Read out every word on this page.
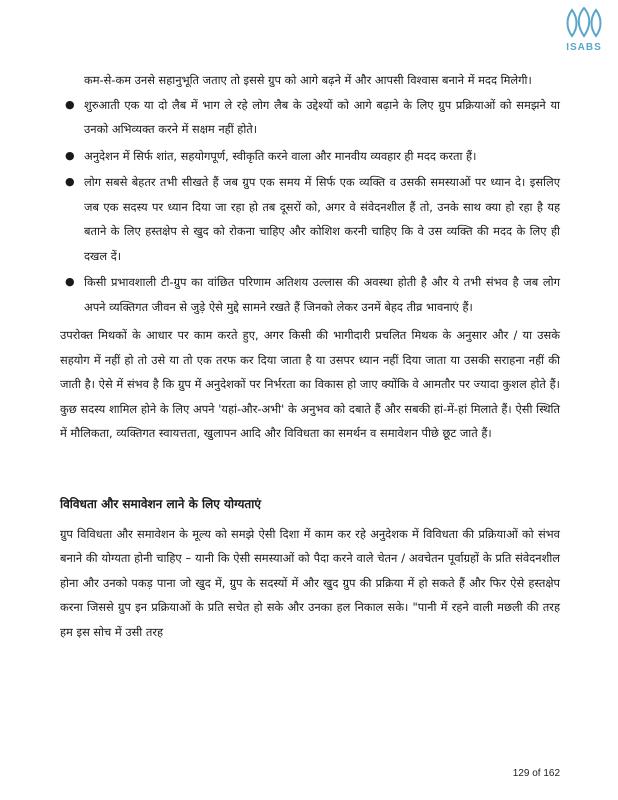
ISABS

कम-से-कम उनसे सहानुभूति जताए तो इससे ग्रुप को आगे बढ़ने में और आपसी विश्वास बनाने में मदद मिलेगी।

● शुरुआती एक या दो लैब में भाग ले रहे लोग लैब के उद्देश्यों को आगे बढ़ाने के लिए ग्रुप प्रक्रियाओं को समझने या उनको अभिव्यक्त करने में सक्षम नहीं होते।
● अनुदेशन में सिर्फ शांत, सहयोगपूर्ण, स्वीकृति करने वाला और मानवीय व्यवहार ही मदद करता हैं।
● लोग सबसे बेहतर तभी सीखते हैं जब ग्रुप एक समय में सिर्फ एक व्यक्ति व उसकी समस्याओं पर ध्यान दे। इसलिए जब एक सदस्य पर ध्यान दिया जा रहा हो तब दूसरों को, अगर वे संवेदनशील हैं तो, उनके साथ क्या हो रहा है यह बताने के लिए हस्तक्षेप से खुद को रोकना चाहिए और कोशिश करनी चाहिए कि वे उस व्यक्ति की मदद के लिए ही दखल दें।
● किसी प्रभावशाली टी-ग्रुप का वांछित परिणाम अतिशय उल्लास की अवस्था होती है और ये तभी संभव है जब लोग अपने व्यक्तिगत जीवन से जुड़े ऐसे मुद्दे सामने रखते हैं जिनको लेकर उनमें बेहद तीव्र भावनाएं हैं।

उपरोक्त मिथकों के आधार पर काम करते हुए, अगर किसी की भागीदारी प्रचलित मिथक के अनुसार और / या उसके सहयोग में नहीं हो तो उसे या तो एक तरफ कर दिया जाता है या उसपर ध्यान नहीं दिया जाता या उसकी सराहना नहीं की जाती है। ऐसे में संभव है कि ग्रुप में अनुदेशकों पर निर्भरता का विकास हो जाए क्योंकि वे आमतौर पर ज्यादा कुशल होते हैं। कुछ सदस्य शामिल होने के लिए अपने 'यहां-और-अभी' के अनुभव को दबाते हैं और सबकी हां-में-हां मिलाते हैं। ऐसी स्थिति में मौलिकता, व्यक्तिगत स्वायत्तता, खुलापन आदि और विविधता का समर्थन व समावेशन पीछे छूट जाते हैं।

विविधता और समावेशन लाने के लिए योग्यताएं

ग्रुप विविधता और समावेशन के मूल्य को समझे ऐसी दिशा में काम कर रहे अनुदेशक में विविधता की प्रक्रियाओं को संभव बनाने की योग्यता होनी चाहिए – यानी कि ऐसी समस्याओं को पैदा करने वाले चेतन / अवचेतन पूर्वाग्रहों के प्रति संवेदनशील होना और उनको पकड़ पाना जो खुद में, ग्रुप के सदस्यों में और खुद ग्रुप की प्रक्रिया में हो सकते हैं और फिर ऐसे हस्तक्षेप करना जिससे ग्रुप इन प्रक्रियाओं के प्रति सचेत हो सके और उनका हल निकाल सके। "पानी में रहने वाली मछली की तरह हम इस सोच में उसी तरह

129 of 162
